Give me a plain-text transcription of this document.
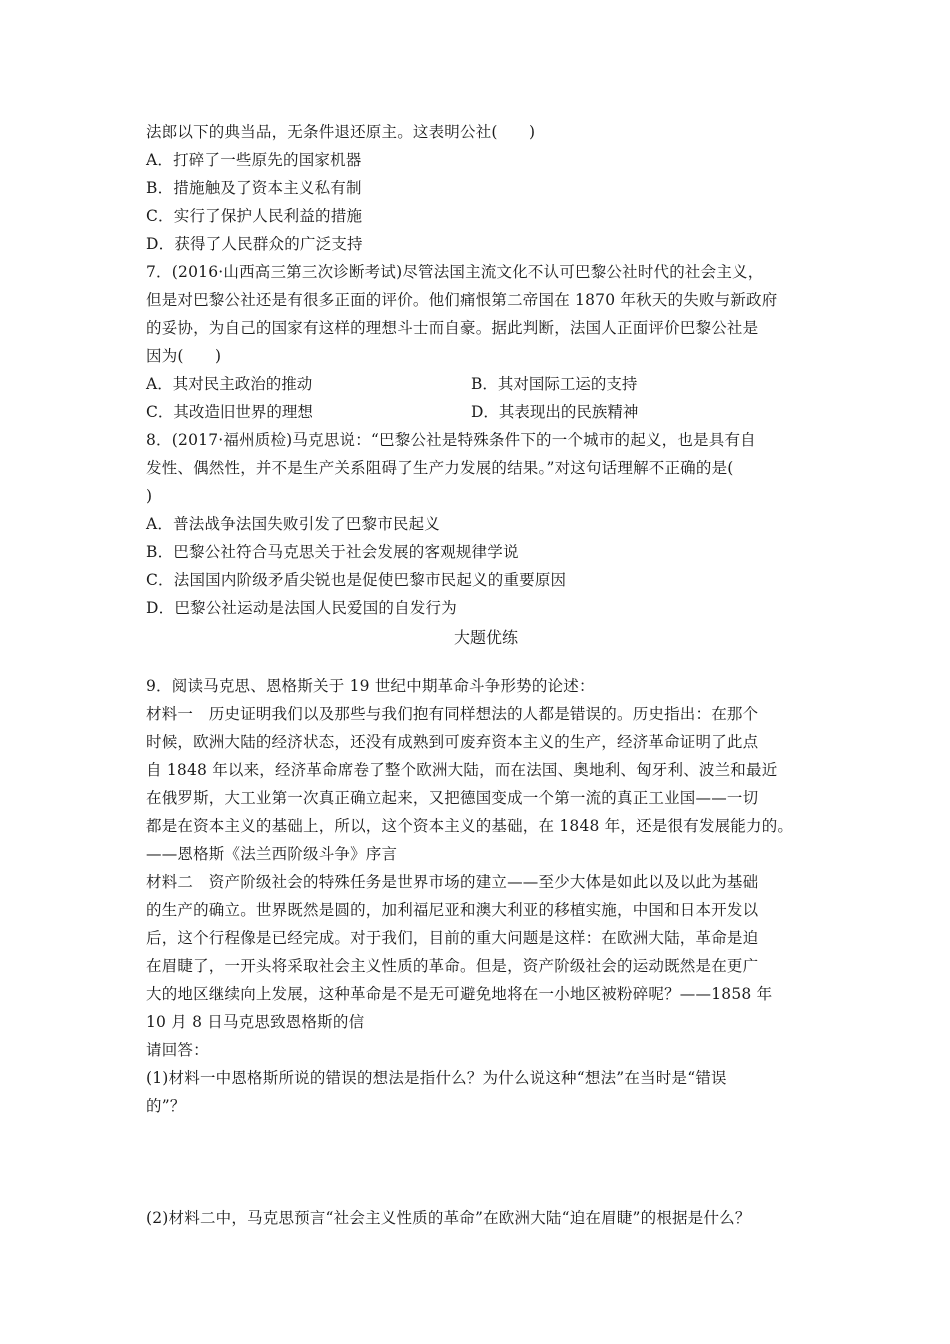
法郎以下的典当品，无条件退还原主。这表明公社(　　)
A．打碎了一些原先的国家机器
B．措施触及了资本主义私有制
C．实行了保护人民利益的措施
D．获得了人民群众的广泛支持
7．(2016·山西高三第三次诊断考试)尽管法国主流文化不认可巴黎公社时代的社会主义，
但是对巴黎公社还是有很多正面的评价。他们痛恨第二帝国在 1870 年秋天的失败与新政府
的妥协，为自己的国家有这样的理想斗士而自豪。据此判断，法国人正面评价巴黎公社是
因为(　　)
A．其对民主政治的推动	B．其对国际工运的支持
C．其改造旧世界的理想	D．其表现出的民族精神
8．(2017·福州质检)马克思说：“巴黎公社是特殊条件下的一个城市的起义，也是具有自
发性、偶然性，并不是生产关系阻碍了生产力发展的结果。”对这句话理解不正确的是(
)
A．普法战争法国失败引发了巴黎市民起义
B．巴黎公社符合马克思关于社会发展的客观规律学说
C．法国国内阶级矛盾尖锐也是促使巴黎市民起义的重要原因
D．巴黎公社运动是法国人民爱国的自发行为
大题优练
9．阅读马克思、恩格斯关于 19 世纪中期革命斗争形势的论述：
材料一　历史证明我们以及那些与我们抱有同样想法的人都是错误的。历史指出：在那个
时候，欧洲大陆的经济状态，还没有成熟到可废弃资本主义的生产，经济革命证明了此点
自 1848 年以来，经济革命席卷了整个欧洲大陆，而在法国、奥地利、匈牙利、波兰和最近
在俄罗斯，大工业第一次真正确立起来，又把德国变成一个第一流的真正工业国——一切
都是在资本主义的基础上，所以，这个资本主义的基础，在 1848 年，还是很有发展能力的。
——恩格斯《法兰西阶级斗争》序言
材料二　资产阶级社会的特殊任务是世界市场的建立——至少大体是如此以及以此为基础
的生产的确立。世界既然是圆的，加利福尼亚和澳大利亚的移植实施，中国和日本开发以
后，这个行程像是已经完成。对于我们，目前的重大问题是这样：在欧洲大陆，革命是迫
在眉睫了，一开头将采取社会主义性质的革命。但是，资产阶级社会的运动既然是在更广
大的地区继续向上发展，这种革命是不是无可避免地将在一小地区被粉碎呢？——1858 年
10 月 8 日马克思致恩格斯的信
请回答：
(1)材料一中恩格斯所说的错误的想法是指什么？为什么说这种“想法”在当时是“错误
的”？
(2)材料二中，马克思预言“社会主义性质的革命”在欧洲大陆“迫在眉睫”的根据是什么？
